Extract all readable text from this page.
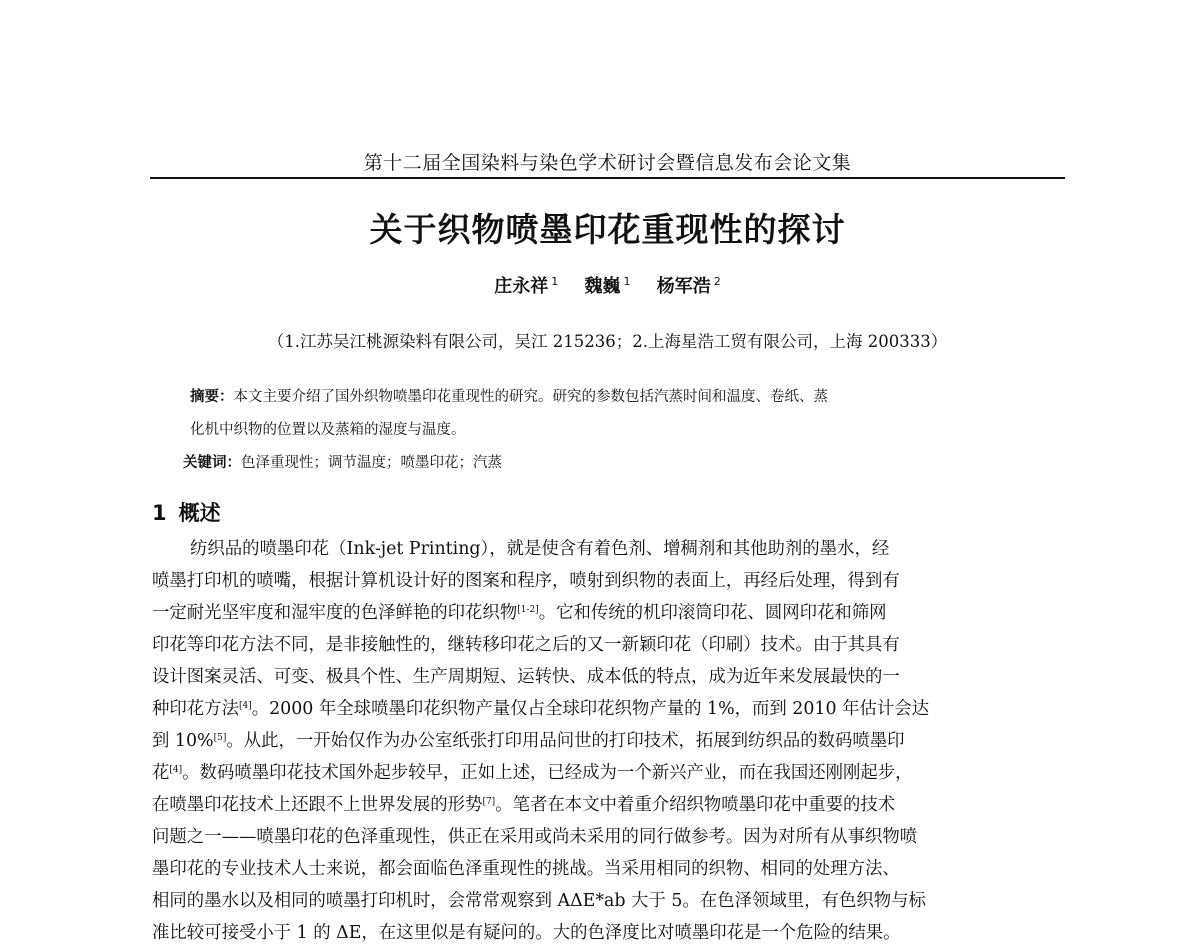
第十二届全国染料与染色学术研讨会暨信息发布会论文集
关于织物喷墨印花重现性的探讨
庄永祥 $^1$ 魏巍 $^1$ 杨军浩 $^2$
（1.江苏吴江桃源染料有限公司，吴江 215236；2.上海星浩工贸有限公司，上海 200333）
摘要：本文主要介绍了国外织物喷墨印花重现性的研究。研究的参数包括汽蒸时间和温度、卷纸、蒸
化机中织物的位置以及蒸箱的湿度与温度。
关键词：色泽重现性；调节温度；喷墨印花；汽蒸
1 概述
纺织品的喷墨印花（Ink-jet Printing），就是使含有着色剂、增稠剂和其他助剂的墨水，经
喷墨打印机的喷嘴，根据计算机设计好的图案和程序，喷射到织物的表面上，再经后处理，得到有
一定耐光坚牢度和湿牢度的色泽鲜艳的印花织物[1-2]。它和传统的机印滚筒印花、圆网印花和筛网
印花等印花方法不同，是非接触性的，继转移印花之后的又一新颖印花（印刷）技术。由于其具有
设计图案灵活、可变、极具个性、生产周期短、运转快、成本低的特点，成为近年来发展最快的一
种印花方法[4]。2000 年全球喷墨印花织物产量仅占全球印花织物产量的 1%，而到 2010 年估计会达
到 10%[5]。从此，一开始仅作为办公室纸张打印用品问世的打印技术，拓展到纺织品的数码喷墨印
花[4]。数码喷墨印花技术国外起步较早，正如上述，已经成为一个新兴产业，而在我国还刚刚起步，
在喷墨印花技术上还跟不上世界发展的形势[7]。笔者在本文中着重介绍织物喷墨印花中重要的技术
问题之一——喷墨印花的色泽重现性，供正在采用或尚未采用的同行做参考。因为对所有从事织物喷
墨印花的专业技术人士来说，都会面临色泽重现性的挑战。当采用相同的织物、相同的处理方法、
相同的墨水以及相同的喷墨打印机时，会常常观察到 AΔE*ab 大于 5。在色泽领域里，有色织物与标
准比较可接受小于 1 的 ΔE，在这里似是有疑问的。大的色泽度比对喷墨印花是一个危险的结果。
